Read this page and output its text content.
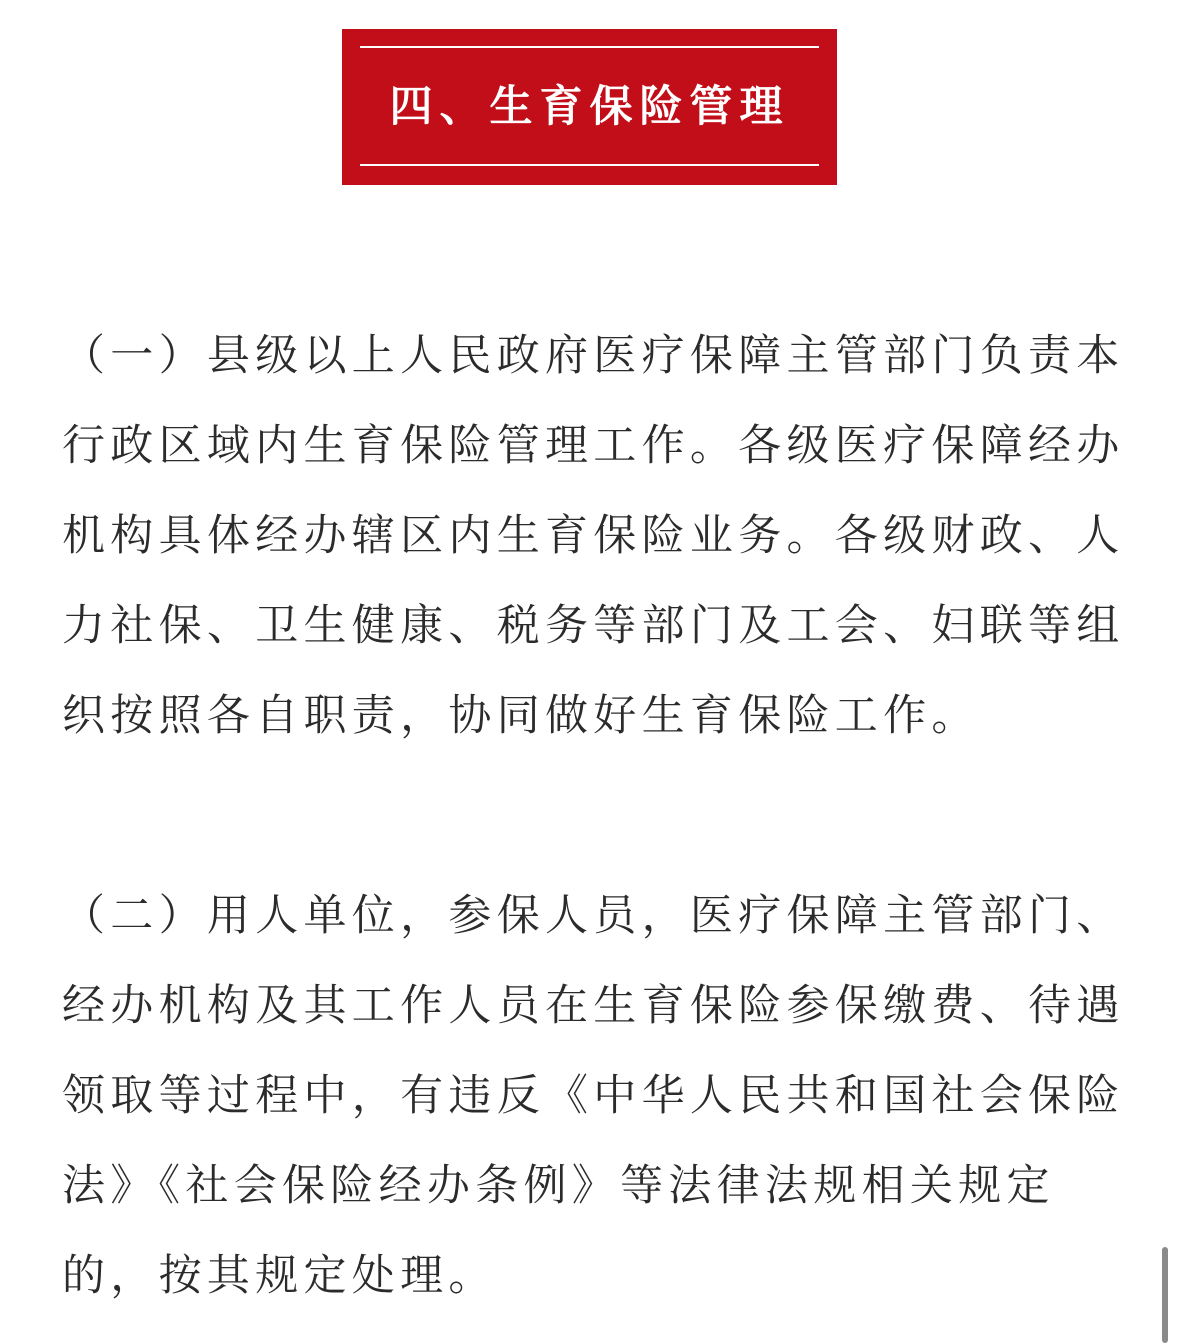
四、生育保险管理
（一）县级以上人民政府医疗保障主管部门负责本
行政区域内生育保险管理工作。各级医疗保障经办
机构具体经办辖区内生育保险业务。各级财政、人
力社保、卫生健康、税务等部门及工会、妇联等组
织按照各自职责，协同做好生育保险工作。
（二）用人单位，参保人员，医疗保障主管部门、
经办机构及其工作人员在生育保险参保缴费、待遇
领取等过程中，有违反《中华人民共和国社会保险
法》《社会保险经办条例》等法律法规相关规定
的，按其规定处理。
